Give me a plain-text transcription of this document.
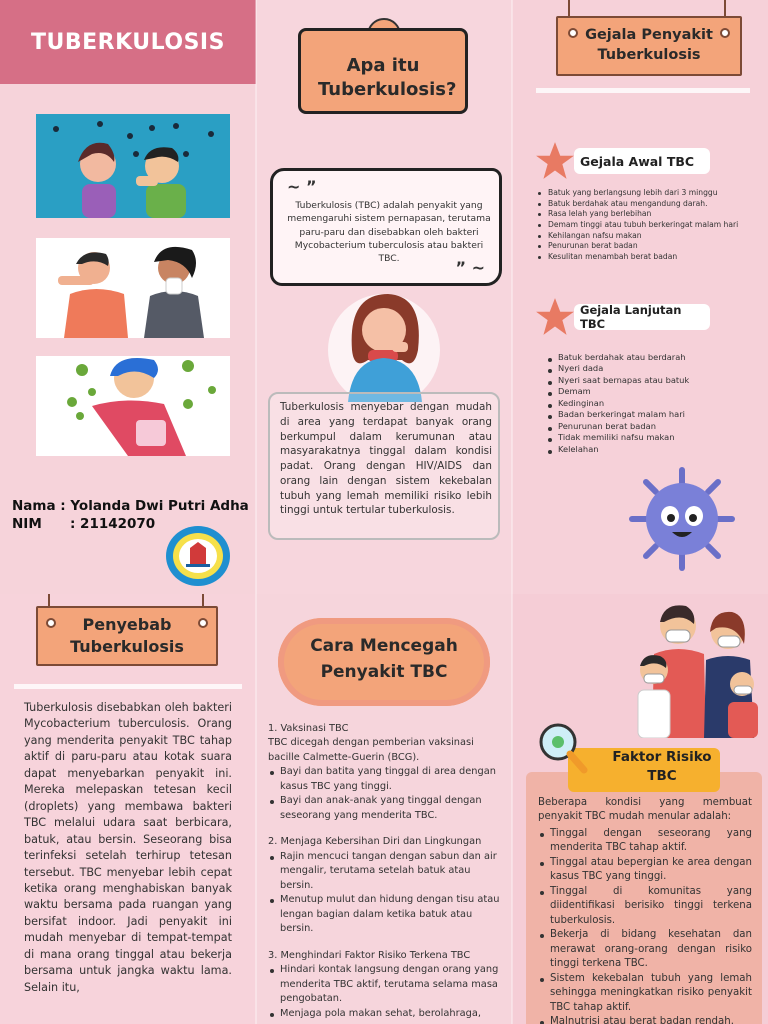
TUBERKULOSIS
Nama : Yolanda Dwi Putri Adha
NIM      : 21142070
Apa itu Tuberkulosis?
~ ”
” ~
Tuberkulosis (TBC) adalah penyakit yang memengaruhi sistem pernapasan, terutama paru-paru dan disebabkan oleh bakteri Mycobacterium tuberculosis atau bakteri TBC.
Tuberkulosis menyebar dengan mudah di area yang terdapat banyak orang berkumpul dalam kerumunan atau masyarakatnya tinggal dalam kondisi padat. Orang dengan HIV/AIDS dan orang lain dengan sistem kekebalan tubuh yang lemah memiliki risiko lebih tinggi untuk tertular tuberkulosis.
Gejala Penyakit Tuberkulosis
Gejala Awal TBC
Batuk yang berlangsung lebih dari 3 minggu
Batuk berdahak atau mengandung darah.
Rasa lelah yang berlebihan
Demam tinggi atau tubuh berkeringat malam hari
Kehilangan nafsu makan
Penurunan berat badan
Kesulitan menambah berat badan
Gejala Lanjutan TBC
Batuk berdahak atau berdarah
Nyeri dada
Nyeri saat bernapas atau batuk
Demam
Kedinginan
Badan berkeringat malam hari
Penurunan berat badan
Tidak memiliki nafsu makan
Kelelahan
Penyebab Tuberkulosis
Tuberkulosis disebabkan oleh bakteri Mycobacterium tuberculosis. Orang yang menderita penyakit TBC tahap aktif di paru-paru atau kotak suara dapat menyebarkan penyakit ini. Mereka melepaskan tetesan kecil (droplets) yang membawa bakteri TBC melalui udara saat berbicara, batuk, atau bersin. Seseorang bisa terinfeksi setelah terhirup tetesan tersebut. TBC menyebar lebih cepat ketika orang menghabiskan banyak waktu bersama pada ruangan yang bersifat indoor. Jadi penyakit ini mudah menyebar di tempat-tempat di mana orang tinggal atau bekerja bersama untuk jangka waktu lama. Selain itu,
Cara Mencegah Penyakit TBC
1. Vaksinasi TBC
TBC dicegah dengan pemberian vaksinasi bacille Calmette-Guerin (BCG).
Bayi dan batita yang tinggal di area dengan kasus TBC yang tinggi.
Bayi dan anak-anak yang tinggal dengan seseorang yang menderita TBC.
2. Menjaga Kebersihan Diri dan Lingkungan
Rajin mencuci tangan dengan sabun dan air mengalir, terutama setelah batuk atau bersin.
Menutup mulut dan hidung dengan tisu atau lengan bagian dalam ketika batuk atau bersin.
3. Menghindari Faktor Risiko Terkena TBC
Hindari kontak langsung dengan orang yang menderita TBC aktif, terutama selama masa pengobatan.
Menjaga pola makan sehat, berolahraga,
Faktor Risiko TBC
Beberapa kondisi yang membuat penyakit TBC mudah menular adalah:
Tinggal dengan seseorang yang menderita TBC tahap aktif.
Tinggal atau bepergian ke area dengan kasus TBC yang tinggi.
Tinggal di komunitas yang diidentifikasi berisiko tinggi terkena tuberkulosis.
Bekerja di bidang kesehatan dan merawat orang-orang dengan risiko tinggi terkena TBC.
Sistem kekebalan tubuh yang lemah sehingga meningkatkan risiko penyakit TBC tahap aktif.
Malnutrisi atau berat badan rendah.
